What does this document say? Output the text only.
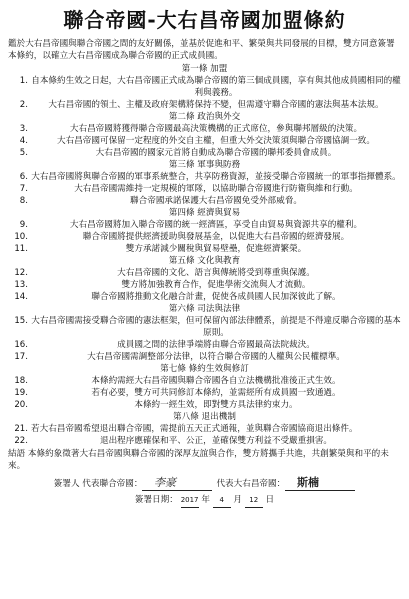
聯合帝國-大右昌帝國加盟條約
鑑於大右昌帝國與聯合帝國之間的友好關係，並基於促進和平、繁榮與共同發展的目標，雙方同意簽署本條約，以確立大右昌帝國成為聯合帝國的正式成員國。
第一條 加盟
1. 自本條約生效之日起，大右昌帝國正式成為聯合帝國的第三個成員國，享有與其他成員國相同的權利與義務。
2.	大右昌帝國的領土、主權及政府架構將保持不變，但需遵守聯合帝國的憲法與基本法規。
第二條 政治與外交
3.	大右昌帝國將獲得聯合帝國最高決策機構的正式席位，參與聯邦層級的決策。
4.	大右昌帝國可保留一定程度的外交自主權，但重大外交決策須與聯合帝國協調一致。
5.	大右昌帝國的國家元首將自動成為聯合帝國的聯邦委員會成員。
第三條 軍事與防務
6. 大右昌帝國將與聯合帝國的軍事系統整合，共享防務資源，並接受聯合帝國統一的軍事指揮體系。
7.	大右昌帝國需維持一定規模的軍隊，以協助聯合帝國進行防衛與維和行動。
8.	聯合帝國承諾保護大右昌帝國免受外部威脅。
第四條 經濟與貿易
9.	大右昌帝國將加入聯合帝國的統一經濟區，享受自由貿易與資源共享的權利。
10.	聯合帝國將提供經濟援助與發展基金，以促進大右昌帝國的經濟發展。
11.	雙方承諾減少關稅與貿易壁壘，促進經濟繁榮。
第五條 文化與教育
12.	大右昌帝國的文化、語言與傳統將受到尊重與保護。
13.	雙方將加強教育合作，促進學術交流與人才流動。
14.	聯合帝國將推動文化融合計畫，促使各成員國人民加深彼此了解。
第六條 司法與法律
15. 大右昌帝國需接受聯合帝國的憲法框架，但可保留內部法律體系，前提是不得違反聯合帝國的基本原則。
16.	成員國之間的法律爭端將由聯合帝國最高法院裁決。
17.	大右昌帝國需調整部分法律，以符合聯合帝國的人權與公民權標準。
第七條 條約生效與修訂
18.	本條約需經大右昌帝國與聯合帝國各自立法機構批准後正式生效。
19.	若有必要，雙方可共同修訂本條約，並需經所有成員國一致通過。
20.	本條約一經生效，即對雙方具法律約束力。
第八條 退出機制
21. 若大右昌帝國希望退出聯合帝國，需提前五天正式通報，並與聯合帝國協商退出條件。
22.	退出程序應確保和平、公正，並確保雙方利益不受嚴重損害。
結語 本條約象徵著大右昌帝國與聯合帝國的深厚友誼與合作，雙方將攜手共進，共創繁榮與和平的未來。
簽署人 代表聯合帝國： 李豪	代表大右昌帝國： 斯楠
簽署日期： 2017 年 4 月 12 日
